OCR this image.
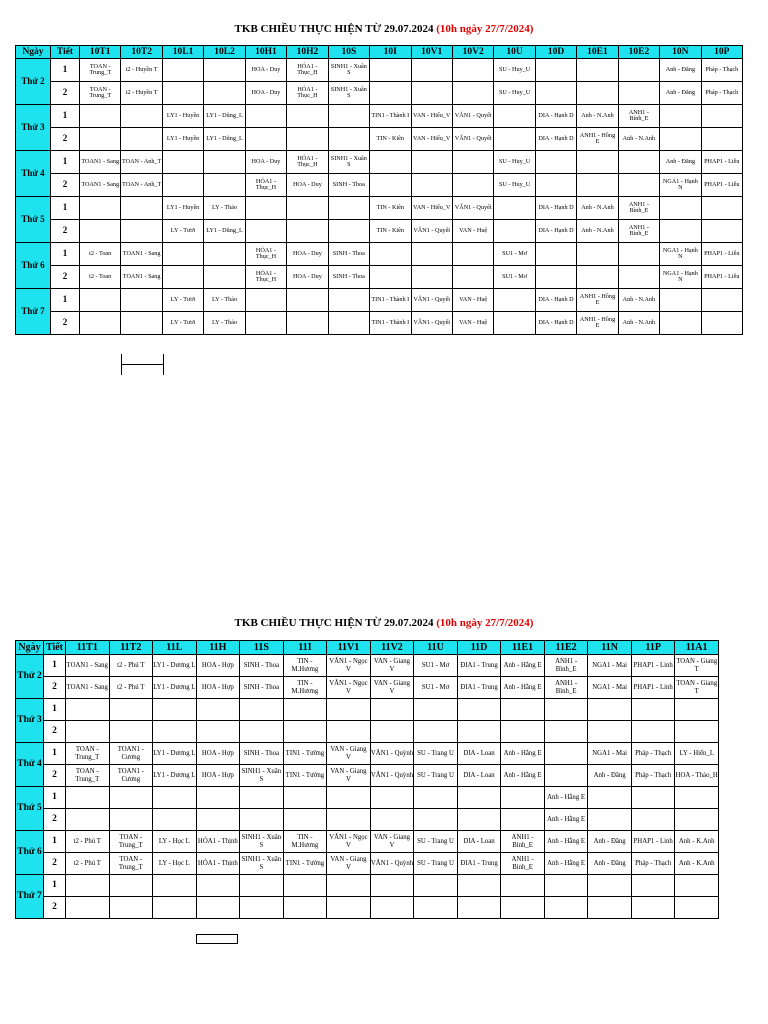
TKB CHIỀU THỰC HIỆN TỪ 29.07.2024 (10h ngày 27/7/2024)
Ngày	Tiết	10T1	10T2	10L1	10L2	10H1	10H2	10S	10I	10V1	10V2	10U	10D	10E1	10E2	10N	10P
Thứ 2	1	TOAN - Trung_T	t2 - Huyền T			HOA - Duy	HÓA1 - Thục_H	SINH1 - Xuân S				SU - Huy_U				Anh - Đăng	Pháp - Thạch
	2	TOAN - Trung_T	t2 - Huyền T			HOA - Duy	HÓA1 - Thục_H	SINH1 - Xuân S				SU - Huy_U				Anh - Đăng	Pháp - Thạch
Thứ 3	1			LY1 - Huyền	LY1 - Dũng_L				TIN1 - Thành I	VAN - Hiếu_V	VĂN1 - Quyết		DIA - Hạnh D	Anh - N.Anh	ANH1 - Bình_E		
	2			LY1 - Huyền	LY1 - Dũng_L				TIN - Kiên	VAN - Hiếu_V	VĂN1 - Quyết		DIA - Hạnh D	ANH1 - Hồng E	Anh - N.Anh		
Thứ 4	1	TOAN1 - Sang	TOAN - Anh_T			HOA - Duy	HÓA1 - Thục_H	SINH1 - Xuân S				SU - Huy_U				Anh - Đăng	PHAP1 - Liễu
	2	TOAN1 - Sang	TOAN - Anh_T			HÓA1 - Thục_H	HOA - Duy	SINH - Thoa				SU - Huy_U				NGA1 - Hạnh N	PHAP1 - Liễu
Thứ 5	1			LY1 - Huyền	LY - Thảo				TIN - Kiên	VAN - Hiếu_V	VĂN1 - Quyết		DIA - Hạnh D	Anh - N.Anh	ANH1 - Bình_E		
	2			LY - Tươi	LY1 - Dũng_L				TIN - Kiên	VĂN1 - Quyết	VAN - Huệ		DIA - Hạnh D	Anh - N.Anh	ANH1 - Bình_E		
Thứ 6	1	t2 - Toan	TOAN1 - Sang			HÓA1 - Thục_H	HOA - Duy	SINH - Thoa				SU1 - Mơ				NGA1 - Hạnh N	PHAP1 - Liễu
	2	t2 - Toan	TOAN1 - Sang			HÓA1 - Thục_H	HOA - Duy	SINH - Thoa				SU1 - Mơ				NGA1 - Hạnh N	PHAP1 - Liễu
Thứ 7	1			LY - Tươi	LY - Thảo				TIN1 - Thành I	VĂN1 - Quyết	VAN - Huệ		DIA - Hạnh D	ANH1 - Hồng E	Anh - N.Anh		
	2			LY - Tươi	LY - Thảo				TIN1 - Thành I	VĂN1 - Quyết	VAN - Huệ		DIA - Hạnh D	ANH1 - Hồng E	Anh - N.Anh		
TKB CHIỀU THỰC HIỆN TỪ 29.07.2024 (10h ngày 27/7/2024)
Ngày	Tiết	11T1	11T2	11L	11H	11S	11I	11V1	11V2	11U	11D	11E1	11E2	11N	11P	11A1
Thứ 2	1	TOAN1 - Sang	t2 - Phú T	LY1 - Dương L	HOA - Hợp	SINH - Thoa	TIN - M.Hương	VĂN1 - Ngọc V	VAN - Giang V	SU1 - Mơ	ĐIA1 - Trung	Anh - Hằng E	ANH1 - Bình_E	NGA1 - Mai	PHAP1 - Linh	TOAN - Giang T
	2	TOAN1 - Sang	t2 - Phú T	LY1 - Dương L	HOA - Hợp	SINH - Thoa	TIN - M.Hương	VĂN1 - Ngọc V	VAN - Giang V	SU1 - Mơ	ĐIA1 - Trung	Anh - Hằng E	ANH1 - Bình_E	NGA1 - Mai	PHAP1 - Linh	TOAN - Giang T
Thứ 3	1															
	2															
Thứ 4	1	TOAN - Trung_T	TOAN1 - Cương	LY1 - Dương L	HOA - Hợp	SINH - Thoa	TIN1 - Tường	VAN - Giang V	VĂN1 - Quỳnh	SU - Trang U	DIA - Loan	Anh - Hằng E		NGA1 - Mai	Pháp - Thạch	LY - Hiển_L
	2	TOAN - Trung_T	TOAN1 - Cương	LY1 - Dương L	HOA - Hợp	SINH1 - Xuân S	TIN1 - Tường	VAN - Giang V	VĂN1 - Quỳnh	SU - Trang U	DIA - Loan	Anh - Hằng E		Anh - Đăng	Pháp - Thạch	HOA - Thảo_H
Thứ 5	1												Anh - Hằng E			
	2												Anh - Hằng E			
Thứ 6	1	t2 - Phú T	TOAN - Trung_T	LY - Học L	HÓA1 - Thịnh	SINH1 - Xuân S	TIN - M.Hương	VĂN1 - Ngọc V	VAN - Giang V	SU - Trang U	DIA - Loan	ANH1 - Bình_E	Anh - Hằng E	Anh - Đăng	PHAP1 - Linh	Anh - K.Anh
	2	t2 - Phú T	TOAN - Trung_T	LY - Học L	HÓA1 - Thịnh	SINH1 - Xuân S	TIN1 - Tường	VAN - Giang V	VĂN1 - Quỳnh	SU - Trang U	ĐIA1 - Trung	ANH1 - Bình_E	Anh - Hằng E	Anh - Đăng	Pháp - Thạch	Anh - K.Anh
Thứ 7	1															
	2															
